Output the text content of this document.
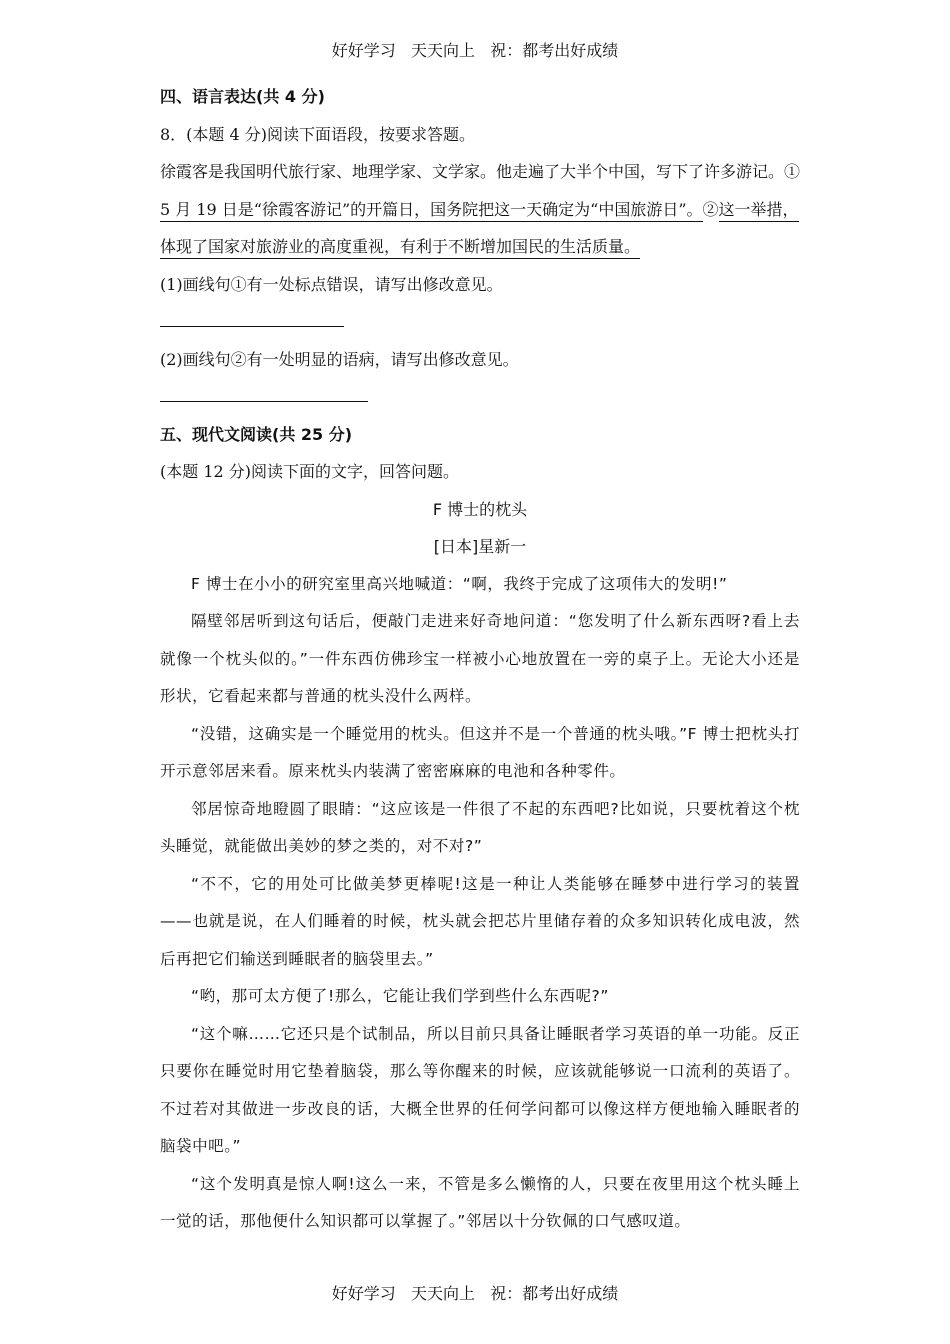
好好学习   天天向上   祝：都考出好成绩
四、语言表达(共 4 分)
8．(本题 4 分)阅读下面语段，按要求答题。
徐霞客是我国明代旅行家、地理学家、文学家。他走遍了大半个中国，写下了许多游记。①
5 月 19 日是“徐霞客游记”的开篇日，国务院把这一天确定为“中国旅游日”。②这一举措，
体现了国家对旅游业的高度重视，有利于不断增加国民的生活质量。
(1)画线句①有一处标点错误，请写出修改意见。
(2)画线句②有一处明显的语病，请写出修改意见。
五、现代文阅读(共 25 分)
(本题 12 分)阅读下面的文字，回答问题。
F 博士的枕头
[日本]星新一
F 博士在小小的研究室里高兴地喊道：“啊，我终于完成了这项伟大的发明!”
隔壁邻居听到这句话后，便敲门走进来好奇地问道：“您发明了什么新东西呀?看上去就像一个枕头似的。”一件东西仿佛珍宝一样被小心地放置在一旁的桌子上。无论大小还是形状，它看起来都与普通的枕头没什么两样。
“没错，这确实是一个睡觉用的枕头。但这并不是一个普通的枕头哦。”F 博士把枕头打开示意邻居来看。原来枕头内装满了密密麻麻的电池和各种零件。
邻居惊奇地瞪圆了眼睛：“这应该是一件很了不起的东西吧?比如说，只要枕着这个枕头睡觉，就能做出美妙的梦之类的，对不对?”
“不不，它的用处可比做美梦更棒呢!这是一种让人类能够在睡梦中进行学习的装置——也就是说，在人们睡着的时候，枕头就会把芯片里储存着的众多知识转化成电波，然后再把它们输送到睡眠者的脑袋里去。”
“哟，那可太方便了!那么，它能让我们学到些什么东西呢?”
“这个嘛……它还只是个试制品，所以目前只具备让睡眠者学习英语的单一功能。反正只要你在睡觉时用它垫着脑袋，那么等你醒来的时候，应该就能够说一口流利的英语了。不过若对其做进一步改良的话，大概全世界的任何学问都可以像这样方便地输入睡眠者的脑袋中吧。”
“这个发明真是惊人啊!这么一来，不管是多么懒惰的人，只要在夜里用这个枕头睡上一觉的话，那他便什么知识都可以掌握了。”邻居以十分钦佩的口气感叹道。
好好学习   天天向上   祝：都考出好成绩
